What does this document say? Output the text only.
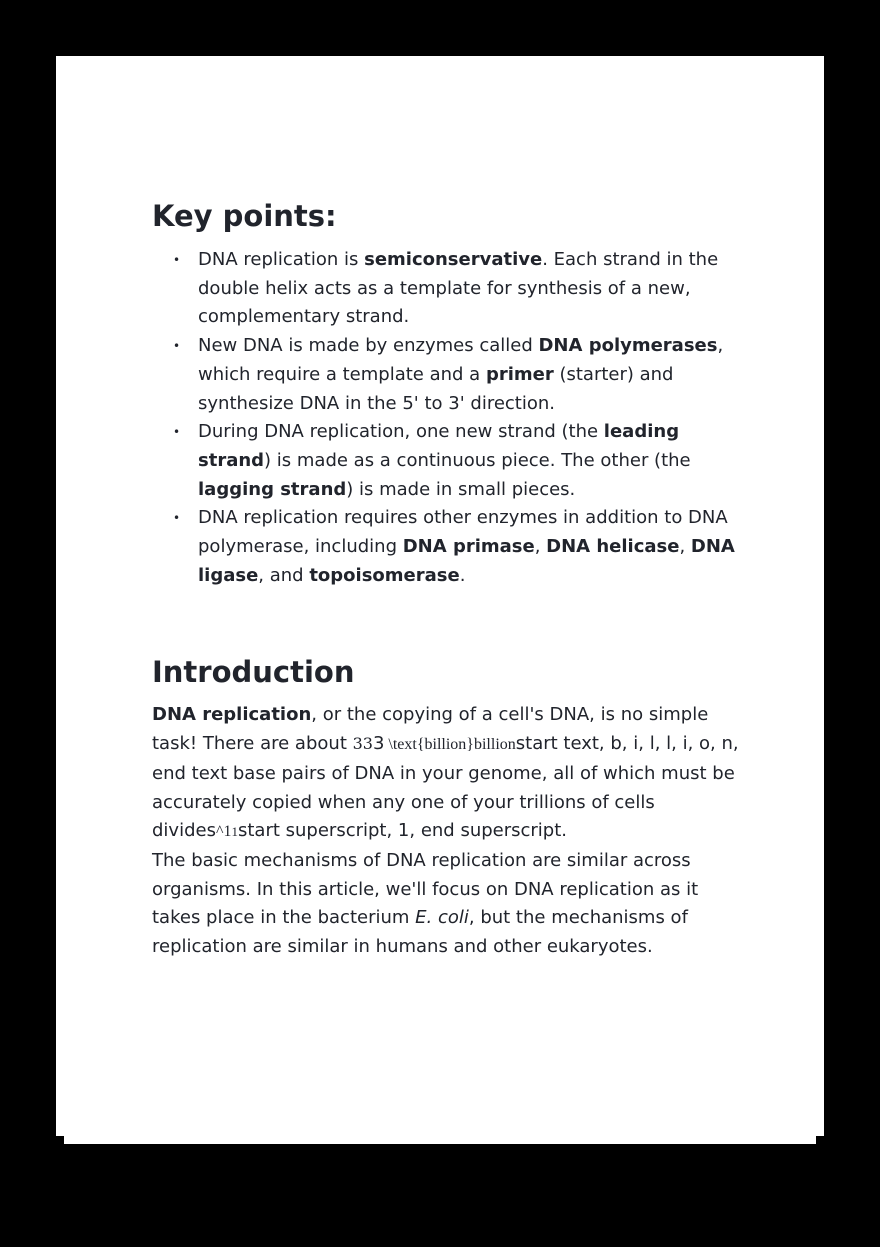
Key points:
• DNA replication is semiconservative. Each strand in the double helix acts as a template for synthesis of a new, complementary strand.
• New DNA is made by enzymes called DNA polymerases, which require a template and a primer (starter) and synthesize DNA in the 5' to 3' direction.
• During DNA replication, one new strand (the leading strand) is made as a continuous piece. The other (the lagging strand) is made in small pieces.
• DNA replication requires other enzymes in addition to DNA polymerase, including DNA primase, DNA helicase, DNA ligase, and topoisomerase.
Introduction

DNA replication, or the copying of a cell's DNA, is no simple task! There are about 333 \text{billion}billionstart text, b, i, l, l, i, o, n, end text base pairs of DNA in your genome, all of which must be accurately copied when any one of your trillions of cells divides^11start superscript, 1, end superscript.

The basic mechanisms of DNA replication are similar across organisms. In this article, we'll focus on DNA replication as it takes place in the bacterium E. coli, but the mechanisms of replication are similar in humans and other eukaryotes.
